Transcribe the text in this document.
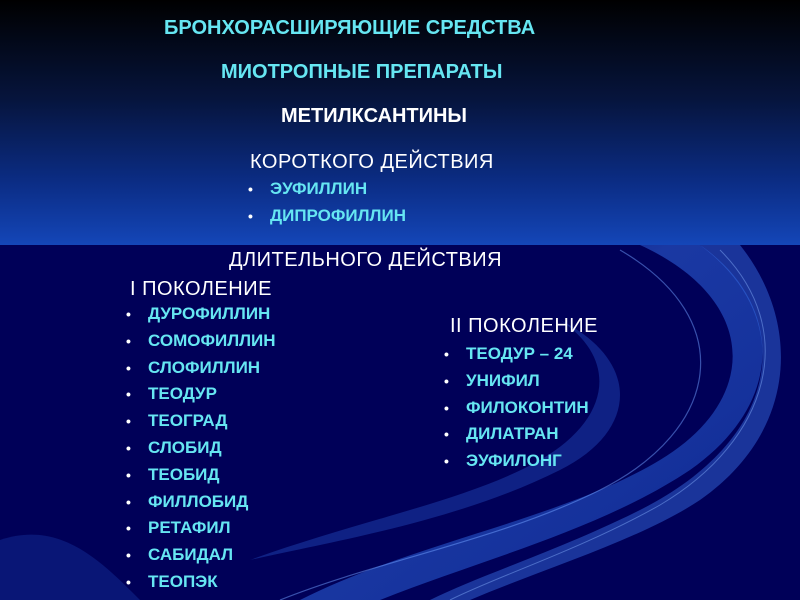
БРОНХОРАСШИРЯЮЩИЕ СРЕДСТВА
МИОТРОПНЫЕ ПРЕПАРАТЫ
МЕТИЛКСАНТИНЫ
КОРОТКОГО ДЕЙСТВИЯ
• ЭУФИЛЛИН
• ДИПРОФИЛЛИН
ДЛИТЕЛЬНОГО ДЕЙСТВИЯ
I ПОКОЛЕНИЕ
• ДУРОФИЛЛИН
• СОМОФИЛЛИН
• СЛОФИЛЛИН
• ТЕОДУР
• ТЕОГРАД
• СЛОБИД
• ТЕОБИД
• ФИЛЛОБИД
• РЕТАФИЛ
• САБИДАЛ
• ТЕОПЭК
II ПОКОЛЕНИЕ
• ТЕОДУР – 24
• УНИФИЛ
• ФИЛОКОНТИН
• ДИЛАТРАН
• ЭУФИЛОНГ
